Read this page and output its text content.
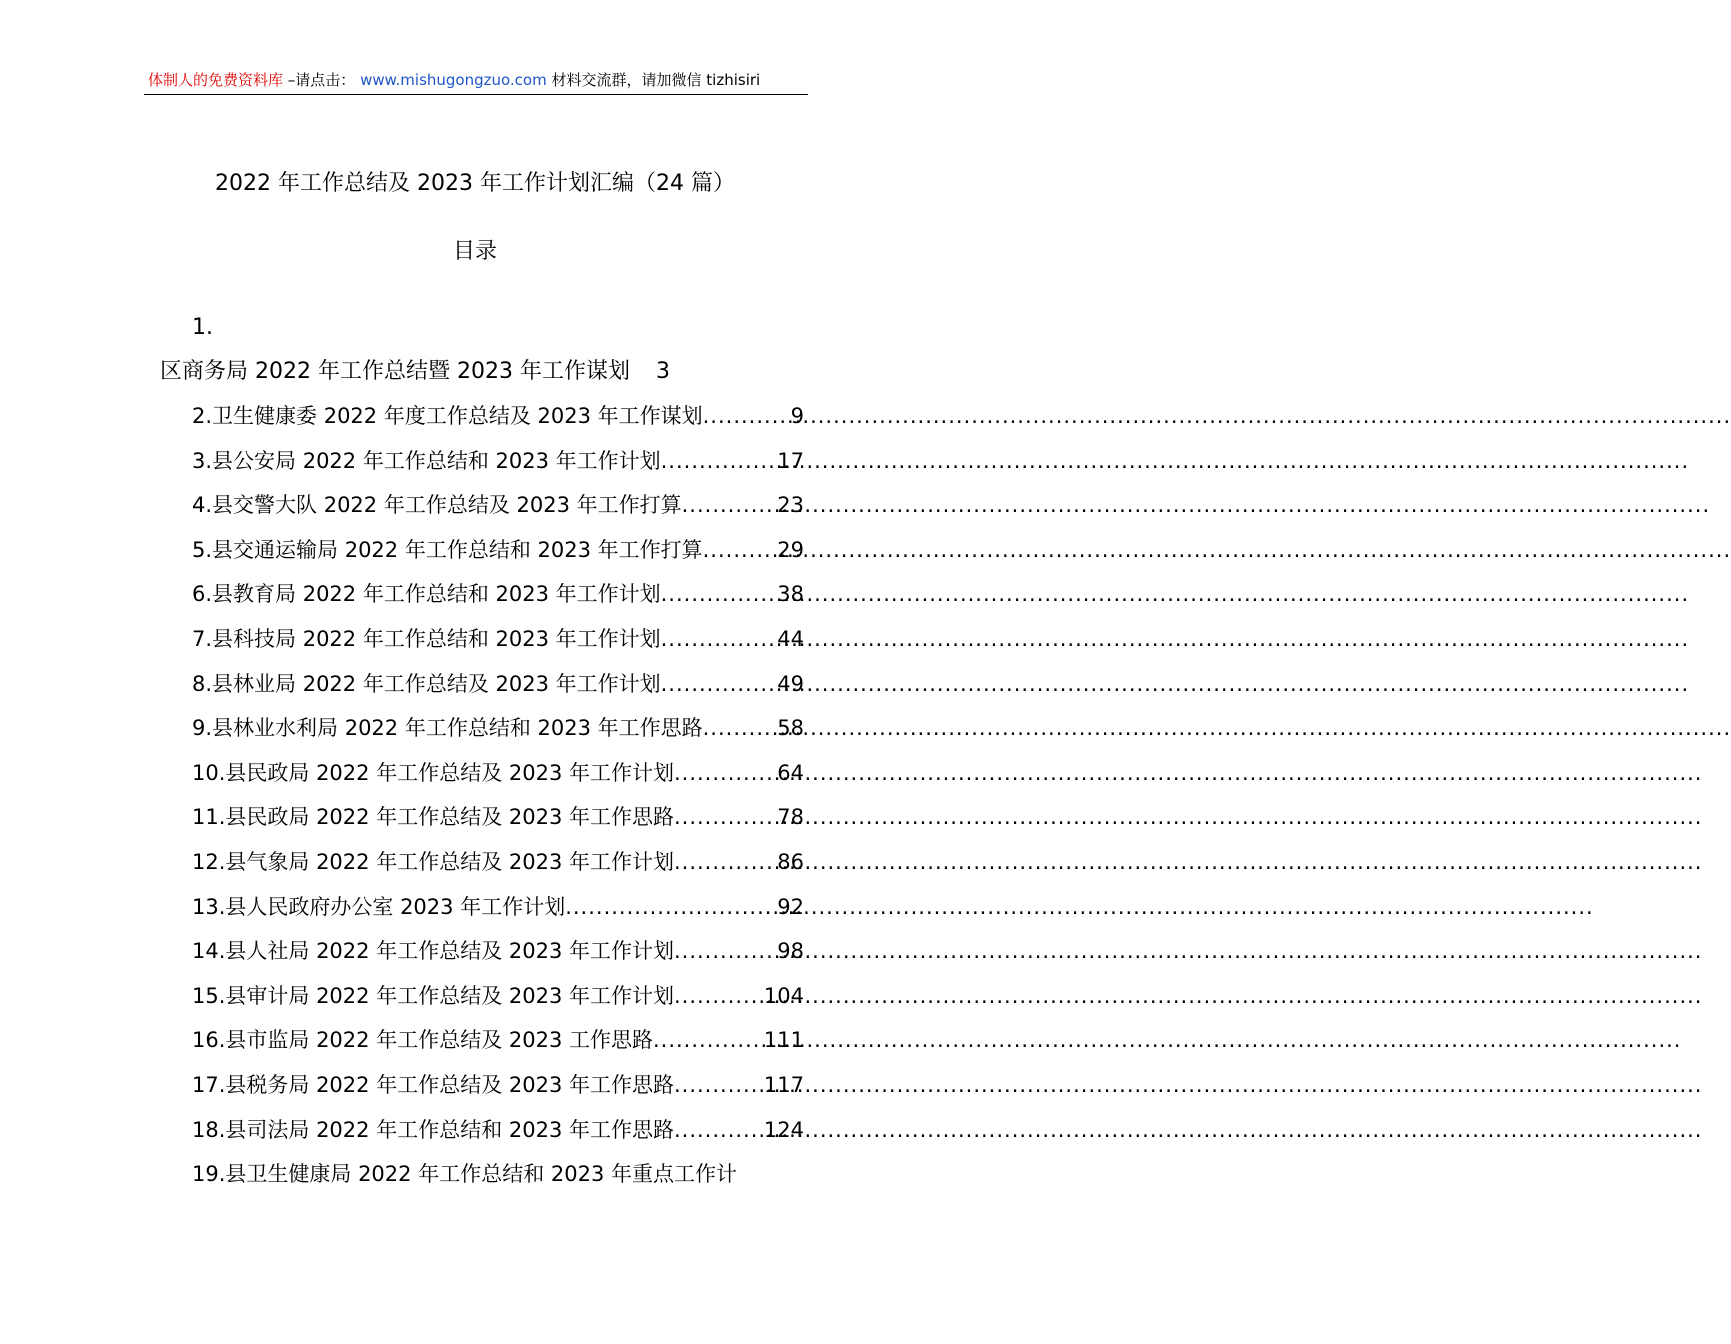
体制人的免费资料库 –请点击： www.mishugongzuo.com 材料交流群，请加微信 tizhisiri
2022 年工作总结及 2023 年工作计划汇编（24 篇）
目录
1.
区商务局 2022 年工作总结暨 2023 年工作谋划 3
2.卫生健康委 2022 年度工作总结及 2023 年工作谋划 .....	9
3.县公安局 2022 年工作总结和 2023 年工作计划 .....	17
4.县交警大队 2022 年工作总结及 2023 年工作打算 .....	23
5.县交通运输局 2022 年工作总结和 2023 年工作打算 .....	29
6.县教育局 2022 年工作总结和 2023 年工作计划 .....	38
7.县科技局 2022 年工作总结和 2023 年工作计划 .....	44
8.县林业局 2022 年工作总结及 2023 年工作计划 .....	49
9.县林业水利局 2022 年工作总结和 2023 年工作思路 .....	58
10.县民政局 2022 年工作总结及 2023 年工作计划 .....	64
11.县民政局 2022 年工作总结及 2023 年工作思路 .....	78
12.县气象局 2022 年工作总结及 2023 年工作计划 .....	86
13.县人民政府办公室 2023 年工作计划 .....	92
14.县人社局 2022 年工作总结及 2023 年工作计划 .....	98
15.县审计局 2022 年工作总结及 2023 年工作计划 .....	104
16.县市监局 2022 年工作总结及 2023 工作思路 .....	111
17.县税务局 2022 年工作总结及 2023 年工作思路 .....	117
18.县司法局 2022 年工作总结和 2023 年工作思路 .....	124
19.县卫生健康局 2022 年工作总结和 2023 年重点工作计
